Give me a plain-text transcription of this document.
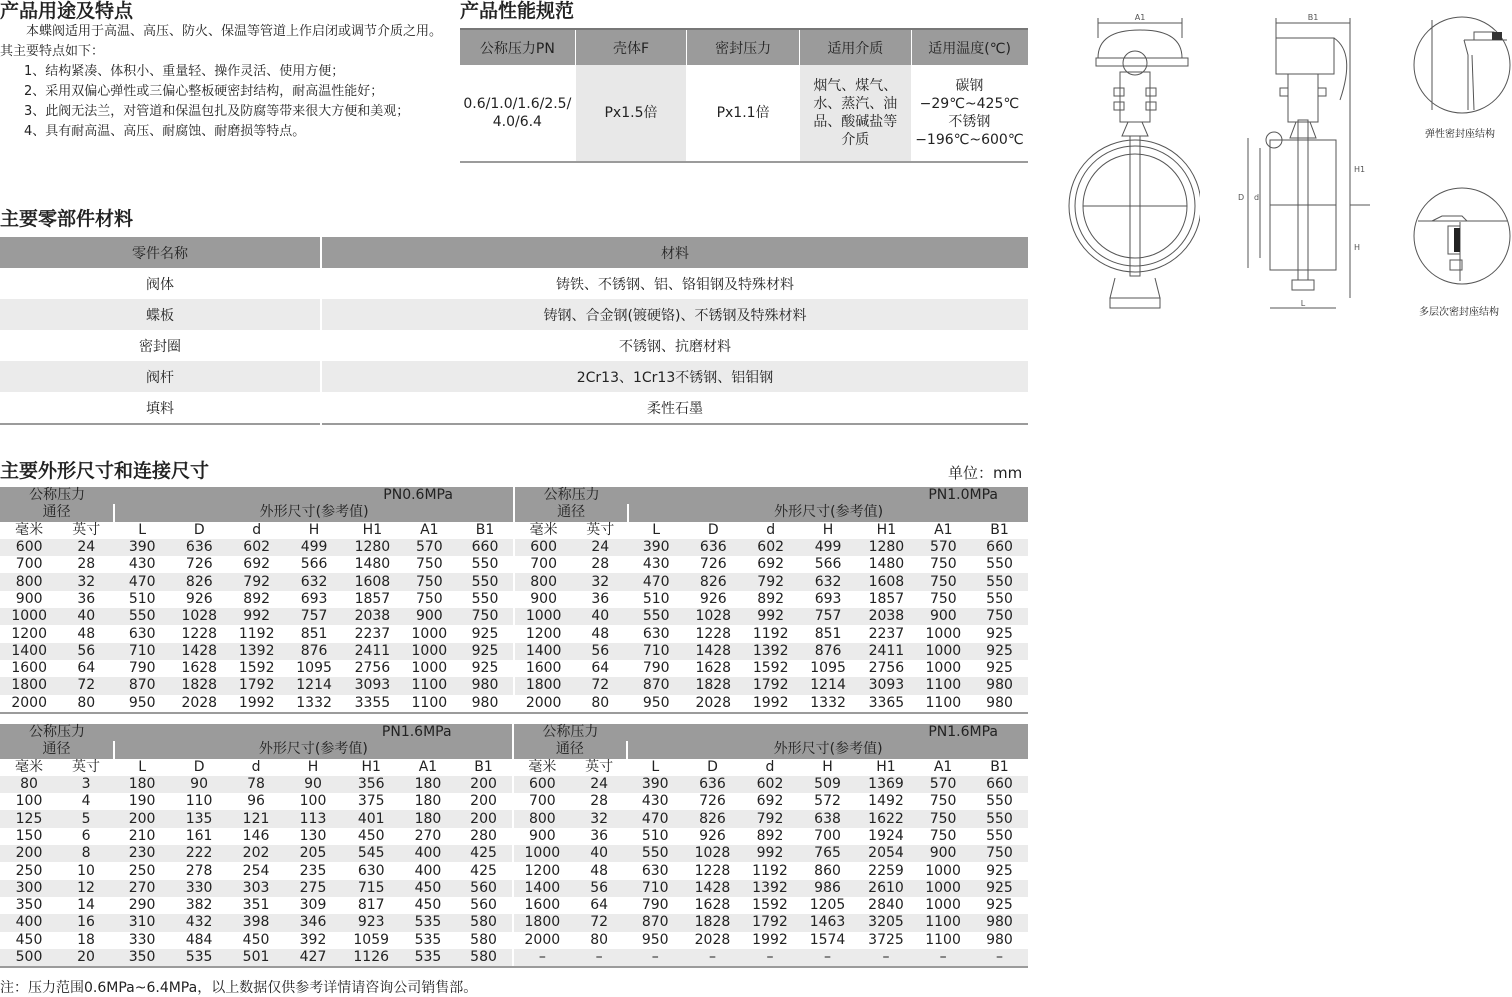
产品用途及特点

本蝶阀适用于高温、高压、防火、保温等管道上作启闭或调节介质之用。其主要特点如下：

1、结构紧凑、体积小、重量轻、操作灵活、使用方便；

2、采用双偏心弹性或三偏心整板硬密封结构，耐高温性能好；

3、此阀无法兰，对管道和保温包扎及防腐等带来很大方便和美观；

4、具有耐高温、高压、耐腐蚀、耐磨损等特点。

产品性能规范
公称压力PN	壳体F	密封压力	适用介质	适用温度(℃)
0.6/1.0/1.6/2.5/
4.0/6.4	Px1.5倍	Px1.1倍	烟气、煤气、
水、蒸汽、油
品、酸碱盐等
介质	碳钢
−29℃~425℃
不锈钢
−196℃~600℃
主要零部件材料
零件名称	材料
阀体	铸铁、不锈钢、铝、铬钼钢及特殊材料
蝶板	铸钢、合金钢(镀硬铬)、不锈钢及特殊材料
密封圈	不锈钢、抗磨材料
阀杆	2Cr13、1Cr13不锈钢、铝钼钢
填料	柔性石墨
主要外形尺寸和连接尺寸	单位：mm
公称压力		PN0.6MPa							公称压力		PN1.0MPa						
通径		外形尺寸(参考值)							通径		外形尺寸(参考值)						
毫米	英寸	L	D	d	H	H1	A1	B1	毫米	英寸	L	D	d	H	H1	A1	B1
600	24	390	636	602	499	1280	570	660	600	24	390	636	602	499	1280	570	660
700	28	430	726	692	566	1480	750	550	700	28	430	726	692	566	1480	750	550
800	32	470	826	792	632	1608	750	550	800	32	470	826	792	632	1608	750	550
900	36	510	926	892	693	1857	750	550	900	36	510	926	892	693	1857	750	550
1000	40	550	1028	992	757	2038	900	750	1000	40	550	1028	992	757	2038	900	750
1200	48	630	1228	1192	851	2237	1000	925	1200	48	630	1228	1192	851	2237	1000	925
1400	56	710	1428	1392	876	2411	1000	925	1400	56	710	1428	1392	876	2411	1000	925
1600	64	790	1628	1592	1095	2756	1000	925	1600	64	790	1628	1592	1095	2756	1000	925
1800	72	870	1828	1792	1214	3093	1100	980	1800	72	870	1828	1792	1214	3093	1100	980
2000	80	950	2028	1992	1332	3355	1100	980	2000	80	950	2028	1992	1332	3365	1100	980
公称压力		PN1.6MPa							公称压力		PN1.6MPa						
通径		外形尺寸(参考值)							通径		外形尺寸(参考值)						
毫米	英寸	L	D	d	H	H1	A1	B1	毫米	英寸	L	D	d	H	H1	A1	B1
80	3	180	90	78	90	356	180	200	600	24	390	636	602	509	1369	570	660
100	4	190	110	96	100	375	180	200	700	28	430	726	692	572	1492	750	550
125	5	200	135	121	113	401	180	200	800	32	470	826	792	638	1622	750	550
150	6	210	161	146	130	450	270	280	900	36	510	926	892	700	1924	750	550
200	8	230	222	202	205	545	400	425	1000	40	550	1028	992	765	2054	900	750
250	10	250	278	254	235	630	400	425	1200	48	630	1228	1192	860	2259	1000	925
300	12	270	330	303	275	715	450	560	1400	56	710	1428	1392	986	2610	1000	925
350	14	290	382	351	309	817	450	560	1600	64	790	1628	1592	1205	2840	1000	925
400	16	310	432	398	346	923	535	580	1800	72	870	1828	1792	1463	3205	1100	980
450	18	330	484	450	392	1059	535	580	2000	80	950	2028	1992	1574	3725	1100	980
500	20	350	535	501	427	1126	535	580	–	–	–	–	–	–	–	–	–
注：压力范围0.6MPa~6.4MPa，以上数据仅供参考详情请咨询公司销售部。
A1	B1
H1
H
D d
L
弹性密封座结构
多层次密封座结构
